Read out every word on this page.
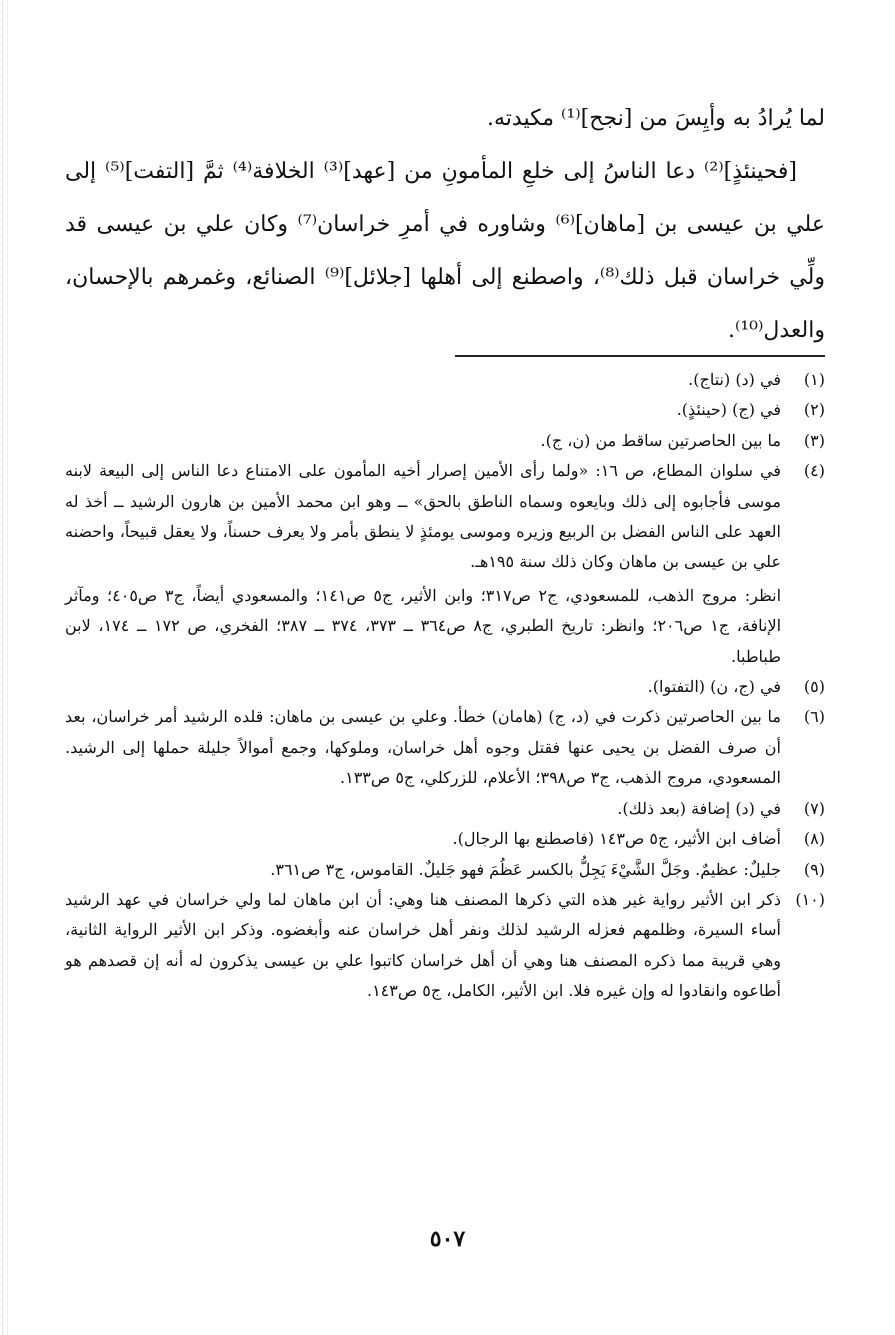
لما يُرادُ به وأيِسَ من [نجح]⁽¹⁾ مكيدته.

[فحينئذٍ]⁽²⁾ دعا الناسُ إلى خلعِ المأمونِ من [عهد]⁽³⁾ الخلافة⁽⁴⁾ ثمَّ [التفت]⁽⁵⁾ إلى علي بن عيسى بن [ماهان]⁽⁶⁾ وشاوره في أمرِ خراسان⁽⁷⁾ وكان علي بن عيسى قد ولِّي خراسان قبل ذلك⁽⁸⁾، واصطنع إلى أهلها [جلائل]⁽⁹⁾ الصنائع، وغمرهم بالإحسان، والعدل⁽¹⁰⁾.

(١)
في (د) (نتاج).
(٢)
في (ج) (حينئذٍ).
(٣)
ما بين الحاصرتين ساقط من (ن، ج).
(٤)
في سلوان المطاع، ص ١٦: «ولما رأى الأمين إصرار أخيه المأمون على الامتناع دعا الناس إلى البيعة لابنه موسى فأجابوه إلى ذلك وبايعوه وسماه الناطق بالحق» ــ وهو ابن محمد الأمين بن هارون الرشيد ــ أخذ له العهد على الناس الفضل بن الربيع وزيره وموسى يومئذٍ لا ينطق بأمر ولا يعرف حسناً، ولا يعقل قبيحاً، واحضنه علي بن عيسى بن ماهان وكان ذلك سنة ١٩٥هـ.
انظر: مروج الذهب، للمسعودي، ج٢ ص٣١٧؛ وابن الأثير، ج٥ ص١٤١؛ والمسعودي أيضاً، ج٣ ص٤٠٥؛ ومآثر الإنافة، ج١ ص٢٠٦؛ وانظر: تاريخ الطبري، ج٨ ص٣٦٤ ــ ٣٧٣، ٣٧٤ ــ ٣٨٧؛ الفخري، ص ١٧٢ ــ ١٧٤، لابن طباطبا.
(٥)
في (ج، ن) (التفتوا).
(٦)
ما بين الحاصرتين ذكرت في (د، ج) (هامان) خطأ. وعلي بن عيسى بن ماهان: قلده الرشيد أمر خراسان، بعد أن صرف الفضل بن يحيى عنها فقتل وجوه أهل خراسان، وملوكها، وجمع أموالاً جليلة حملها إلى الرشيد. المسعودي، مروج الذهب، ج٣ ص٣٩٨؛ الأعلام، للزركلي، ج٥ ص١٣٣.
(٧)
في (د) إضافة (بعد ذلك).
(٨)
أضاف ابن الأثير، ج٥ ص١٤٣ (فاصطنع بها الرجال).
(٩)
جليلٌ: عظيمٌ. وجَلَّ الشَّيْءَ يَجِلُّ بالكسر عَظُمَ فهو جَليلٌ. القاموس، ج٣ ص٣٦١.
(١٠)
ذكر ابن الأثير رواية غير هذه التي ذكرها المصنف هنا وهي: أن ابن ماهان لما ولي خراسان في عهد الرشيد أساء السيرة، وظلمهم فعزله الرشيد لذلك ونفر أهل خراسان عنه وأبغضوه. وذكر ابن الأثير الرواية الثانية، وهي قريبة مما ذكره المصنف هنا وهي أن أهل خراسان كاتبوا علي بن عيسى يذكرون له أنه إن قصدهم هو أطاعوه وانقادوا له وإن غيره فلا. ابن الأثير، الكامل، ج٥ ص١٤٣.
٥٠٧
